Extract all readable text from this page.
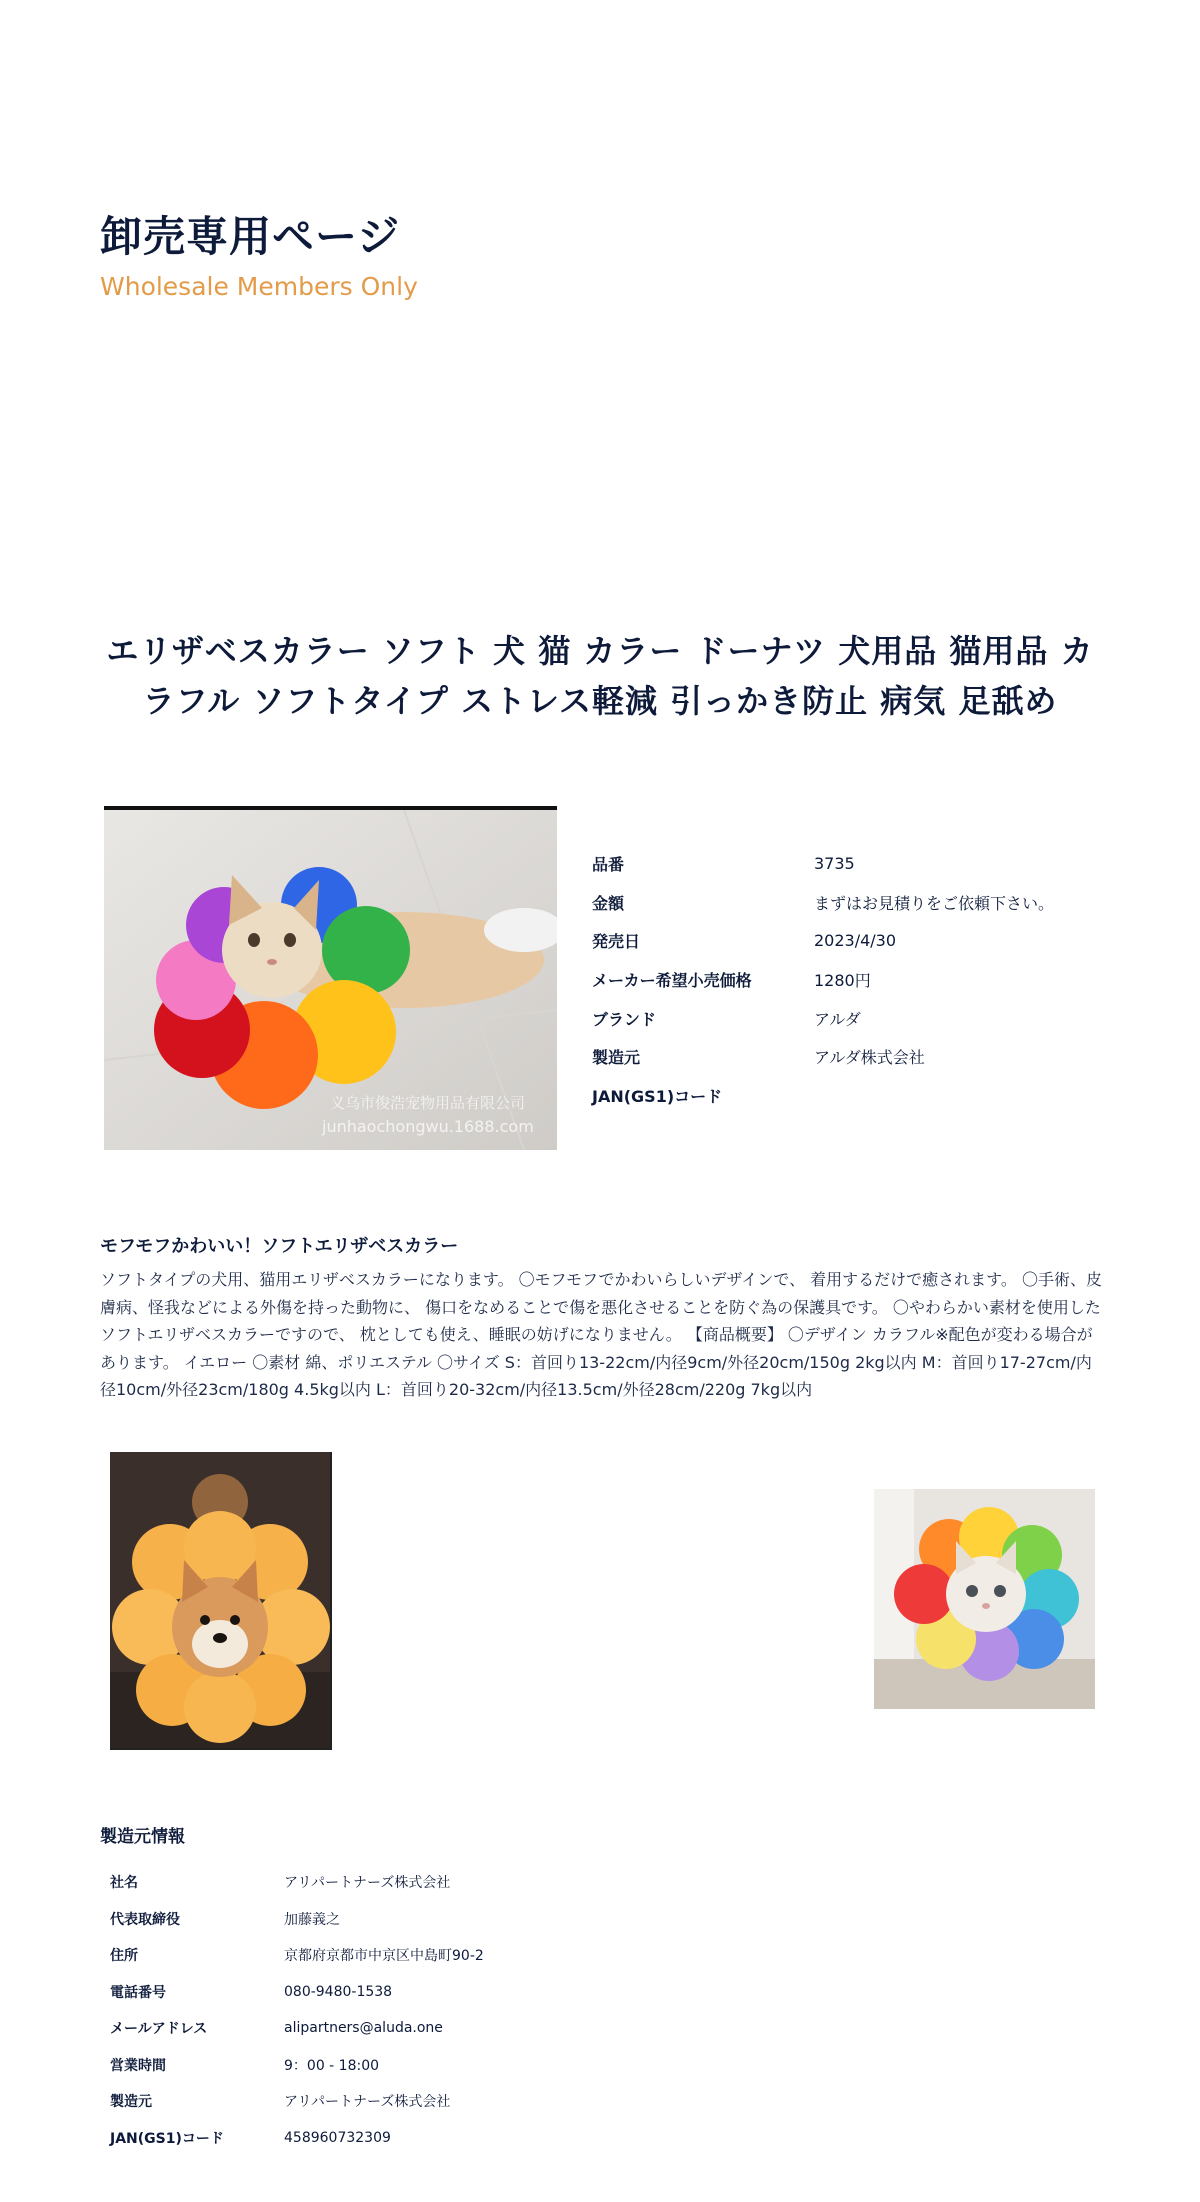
卸売専用ページ
Wholesale Members Only
エリザベスカラー ソフト 犬 猫 カラー ドーナツ 犬用品 猫用品 カラフル ソフトタイプ ストレス軽減 引っかき防止 病気 足舐め
义乌市俊浩宠物用品有限公司
junhaochongwu.1688.com
品番	3735
金額	まずはお見積りをご依頼下さい。
発売日	2023/4/30
メーカー希望小売価格	1280円
ブランド	アルダ
製造元	アルダ株式会社
JAN(GS1)コード
モフモフかわいい！ソフトエリザベスカラー

ソフトタイプの犬用、猫用エリザベスカラーになります。 〇モフモフでかわいらしいデザインで、 着用するだけで癒されます。 〇手術、皮膚病、怪我などによる外傷を持った動物に、 傷口をなめることで傷を悪化させることを防ぐ為の保護具です。 〇やわらかい素材を使用したソフトエリザベスカラーですので、 枕としても使え、睡眠の妨げになりません。 【商品概要】 〇デザイン カラフル※配色が変わる場合があります。 イエロー 〇素材 綿、ポリエステル 〇サイズ S：首回り13-22cm/内径9cm/外径20cm/150g 2kg以内 M：首回り17-27cm/内径10cm/外径23cm/180g 4.5kg以内 L：首回り20-32cm/内径13.5cm/外径28cm/220g 7kg以内

製造元情報
社名	アリパートナーズ株式会社
代表取締役	加藤義之
住所	京都府京都市中京区中島町90-2
電話番号	080-9480-1538
メールアドレス	alipartners@aluda.one
営業時間	9：00 - 18:00
製造元	アリパートナーズ株式会社
JAN(GS1)コード	458960732309
